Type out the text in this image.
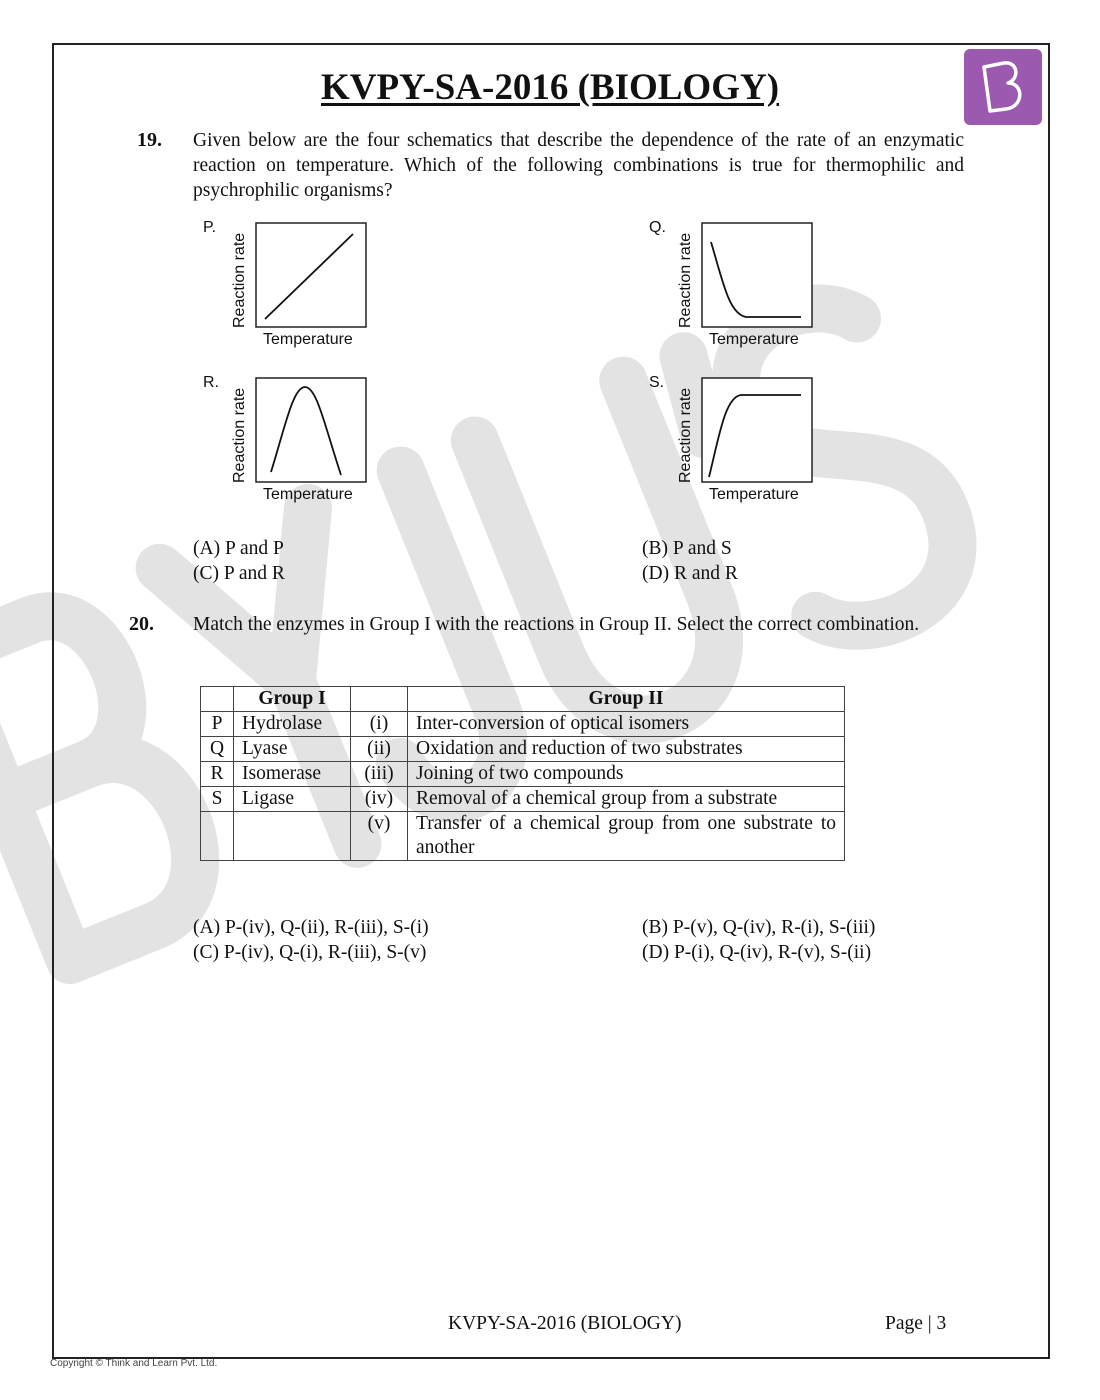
KVPY-SA-2016 (BIOLOGY)
19. Given below are the four schematics that describe the dependence of the rate of an enzymatic reaction on temperature. Which of the following combinations is true for thermophilic and psychrophilic organisms?
P.
Reaction rate
Temperature
Q.
Reaction rate
Temperature
R.
Reaction rate
Temperature
S.
Reaction rate
Temperature
(A) P and P	(B) P and S
(C) P and R	(D) R and R
20. Match the enzymes in Group I with the reactions in Group II. Select the correct combination.
	Group I		Group II
P	Hydrolase	(i)	Inter-conversion of optical isomers
Q	Lyase	(ii)	Oxidation and reduction of two substrates
R	Isomerase	(iii)	Joining of two compounds
S	Ligase	(iv)	Removal of a chemical group from a substrate
		(v)	Transfer of a chemical group from one substrate to another
(A) P-(iv), Q-(ii), R-(iii), S-(i)	(B) P-(v), Q-(iv), R-(i), S-(iii)
(C) P-(iv), Q-(i), R-(iii), S-(v)	(D) P-(i), Q-(iv), R-(v), S-(ii)
KVPY-SA-2016 (BIOLOGY)	Page | 3
Copyright © Think and Learn Pvt. Ltd.
